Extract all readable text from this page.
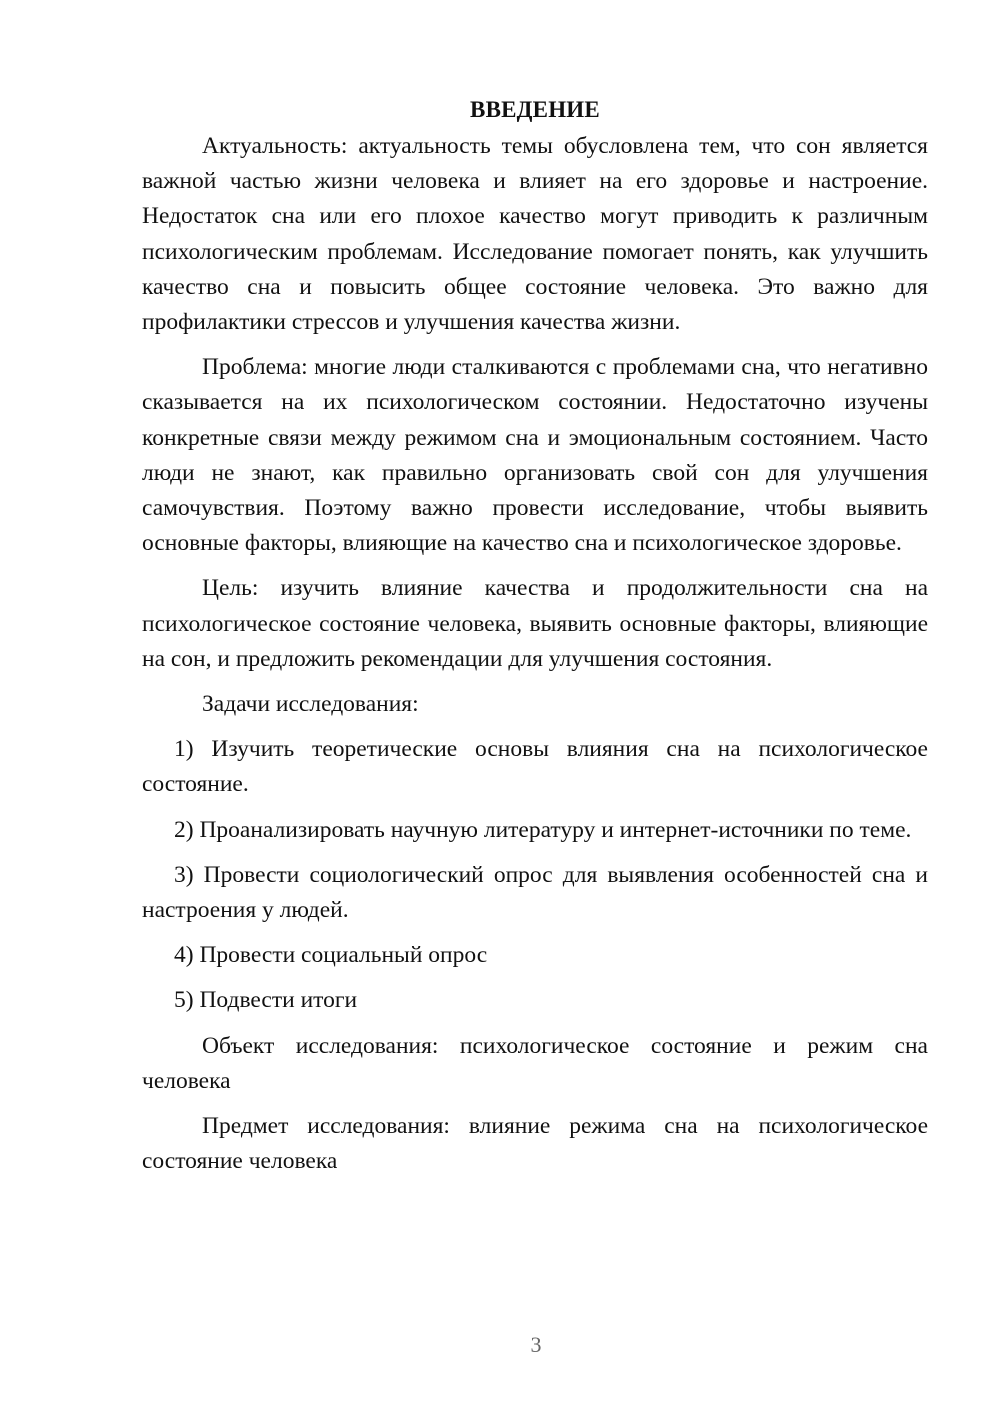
ВВЕДЕНИЕ

Актуальность: актуальность темы обусловлена тем, что сон является важной частью жизни человека и влияет на его здоровье и настроение. Недостаток сна или его плохое качество могут приводить к различным психологическим проблемам. Исследование помогает понять, как улучшить качество сна и повысить общее состояние человека. Это важно для профилактики стрессов и улучшения качества жизни.

Проблема: многие люди сталкиваются с проблемами сна, что негативно сказывается на их психологическом состоянии. Недостаточно изучены конкретные связи между режимом сна и эмоциональным состоянием. Часто люди не знают, как правильно организовать свой сон для улучшения самочувствия. Поэтому важно провести исследование, чтобы выявить основные факторы, влияющие на качество сна и психологическое здоровье.

Цель: изучить влияние качества и продолжительности сна на психологическое состояние человека, выявить основные факторы, влияющие на сон, и предложить рекомендации для улучшения состояния.

Задачи исследования:

1) Изучить теоретические основы влияния сна на психологическое состояние.

2) Проанализировать научную литературу и интернет-источники по теме.

3) Провести социологический опрос для выявления особенностей сна и настроения у людей.

4) Провести социальный опрос

5) Подвести итоги

Объект исследования: психологическое состояние и режим сна человека

Предмет исследования: влияние режима сна на психологическое состояние человека

3
